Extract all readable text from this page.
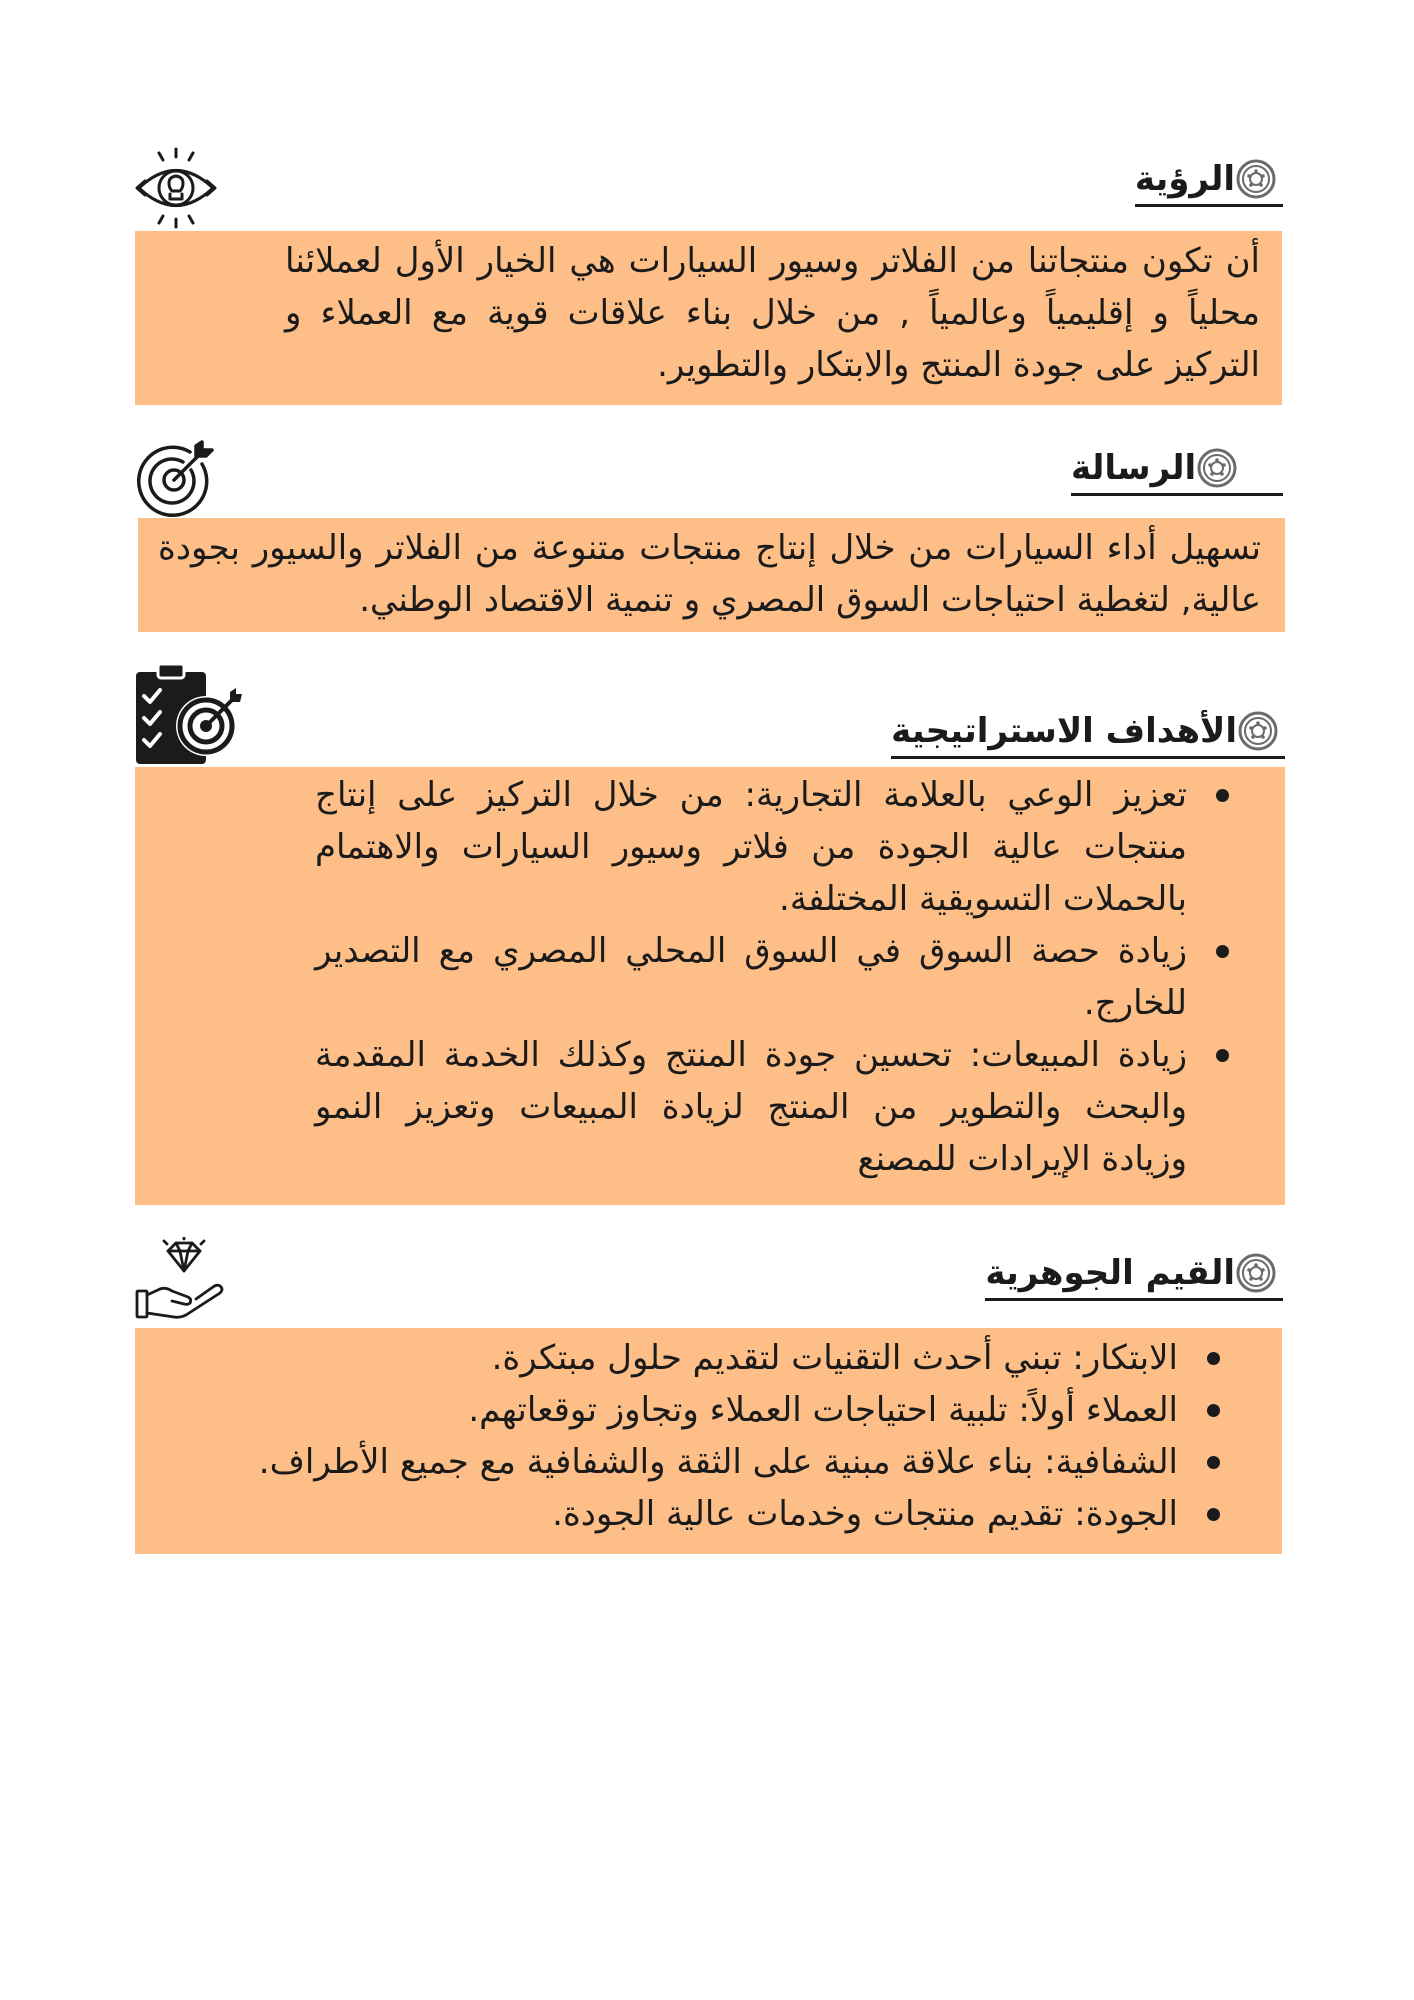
الرؤية

أن تكون منتجاتنا من الفلاتر وسيور السيارات هي الخيار الأول لعملائنا محلياً و إقليمياً وعالمياً , من خلال بناء علاقات قوية مع العملاء و التركيز على جودة المنتج والابتكار والتطوير.

الرسالة

تسهيل أداء السيارات من خلال إنتاج منتجات متنوعة من الفلاتر والسيور بجودة عالية, لتغطية احتياجات السوق المصري و تنمية الاقتصاد الوطني.

الأهداف الاستراتيجية
تعزيز الوعي بالعلامة التجارية: من خلال التركيز على إنتاج منتجات عالية الجودة من فلاتر وسيور السيارات والاهتمام بالحملات التسويقية المختلفة.
زيادة حصة السوق في السوق المحلي المصري مع التصدير للخارج.
زيادة المبيعات: تحسين جودة المنتج وكذلك الخدمة المقدمة والبحث والتطوير من المنتج لزيادة المبيعات وتعزيز النمو وزيادة الإيرادات للمصنع
القيم الجوهرية
الابتكار: تبني أحدث التقنيات لتقديم حلول مبتكرة.
العملاء أولاً: تلبية احتياجات العملاء وتجاوز توقعاتهم.
الشفافية: بناء علاقة مبنية على الثقة والشفافية مع جميع الأطراف.
الجودة: تقديم منتجات وخدمات عالية الجودة.
